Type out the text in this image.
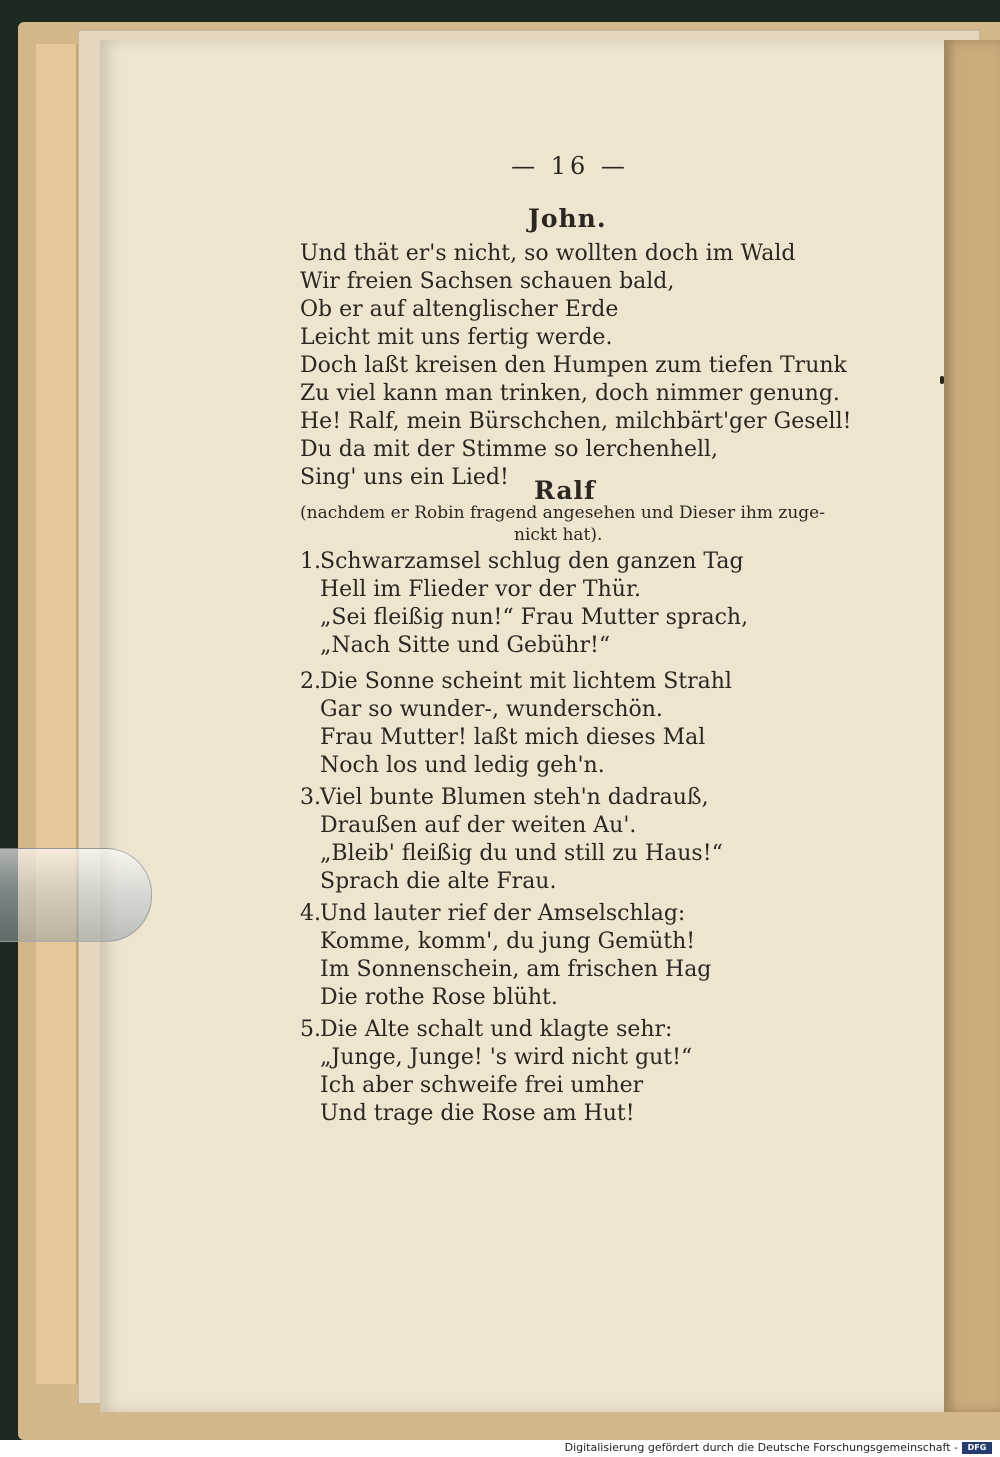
— 16 —
John.
Und thät er's nicht, so wollten doch im Wald
Wir freien Sachsen schauen bald,
Ob er auf altenglischer Erde
Leicht mit uns fertig werde.
Doch laßt kreisen den Humpen zum tiefen Trunk
Zu viel kann man trinken, doch nimmer genung.
He! Ralf, mein Bürschchen, milchbärt'ger Gesell!
Du da mit der Stimme so lerchenhell,
Sing' uns ein Lied! Ralf
(nachdem er Robin fragend angesehen und Dieser ihm zuge-
nickt hat).
1. Schwarzamsel schlug den ganzen Tag
Hell im Flieder vor der Thür.
„Sei fleißig nun!“ Frau Mutter sprach,
„Nach Sitte und Gebühr!“
2. Die Sonne scheint mit lichtem Strahl
Gar so wunder-, wunderschön.
Frau Mutter! laßt mich dieses Mal
Noch los und ledig geh'n.
3. Viel bunte Blumen steh'n dadrauß,
Draußen auf der weiten Au'.
„Bleib' fleißig du und still zu Haus!“
Sprach die alte Frau.
4. Und lauter rief der Amselschlag:
Komme, komm', du jung Gemüth!
Im Sonnenschein, am frischen Hag
Die rothe Rose blüht.
5. Die Alte schalt und klagte sehr:
„Junge, Junge! 's wird nicht gut!“
Ich aber schweife frei umher
Und trage die Rose am Hut!
Digitalisierung gefördert durch die Deutsche Forschungsgemeinschaft -	DFG
